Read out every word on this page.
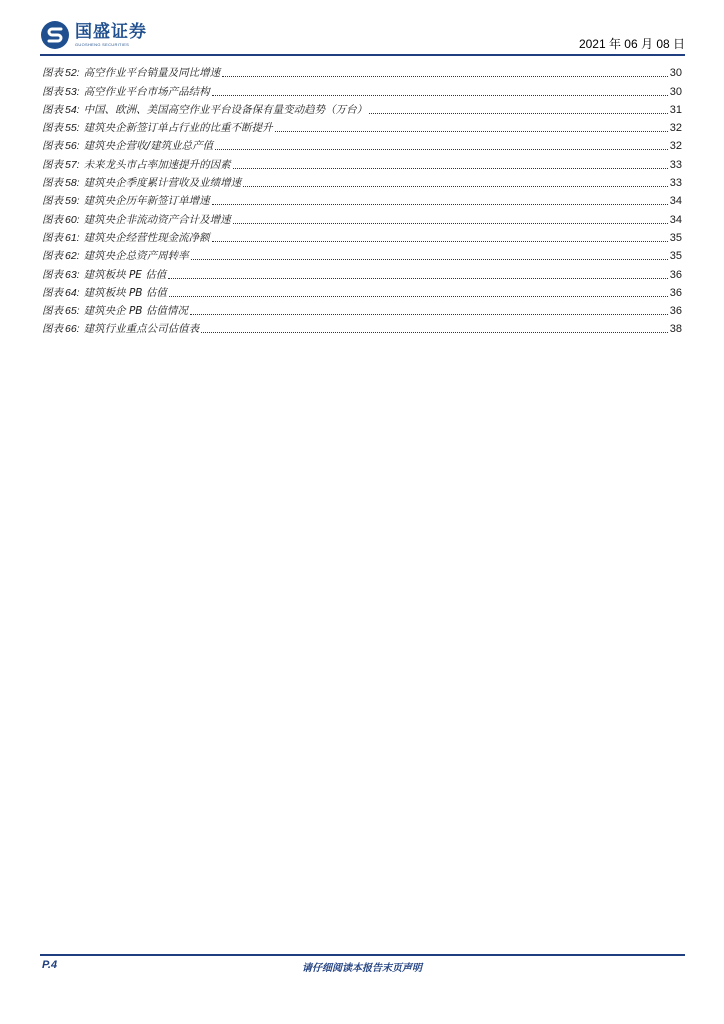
国盛证券
GUOSHENG SECURITIES	2021 年 06 月 08 日
图表 52: 高空作业平台销量及同比增速	30
图表 53: 高空作业平台市场产品结构	30
图表 54: 中国、欧洲、美国高空作业平台设备保有量变动趋势（万台）	31
图表 55: 建筑央企新签订单占行业的比重不断提升	32
图表 56: 建筑央企营收/建筑业总产值	32
图表 57: 未来龙头市占率加速提升的因素	33
图表 58: 建筑央企季度累计营收及业绩增速	33
图表 59: 建筑央企历年新签订单增速	34
图表 60: 建筑央企非流动资产合计及增速	34
图表 61: 建筑央企经营性现金流净额	35
图表 62: 建筑央企总资产周转率	35
图表 63: 建筑板块 PE 估值	36
图表 64: 建筑板块 PB 估值	36
图表 65: 建筑央企 PB 估值情况	36
图表 66: 建筑行业重点公司估值表	38
P.4	请仔细阅读本报告末页声明
